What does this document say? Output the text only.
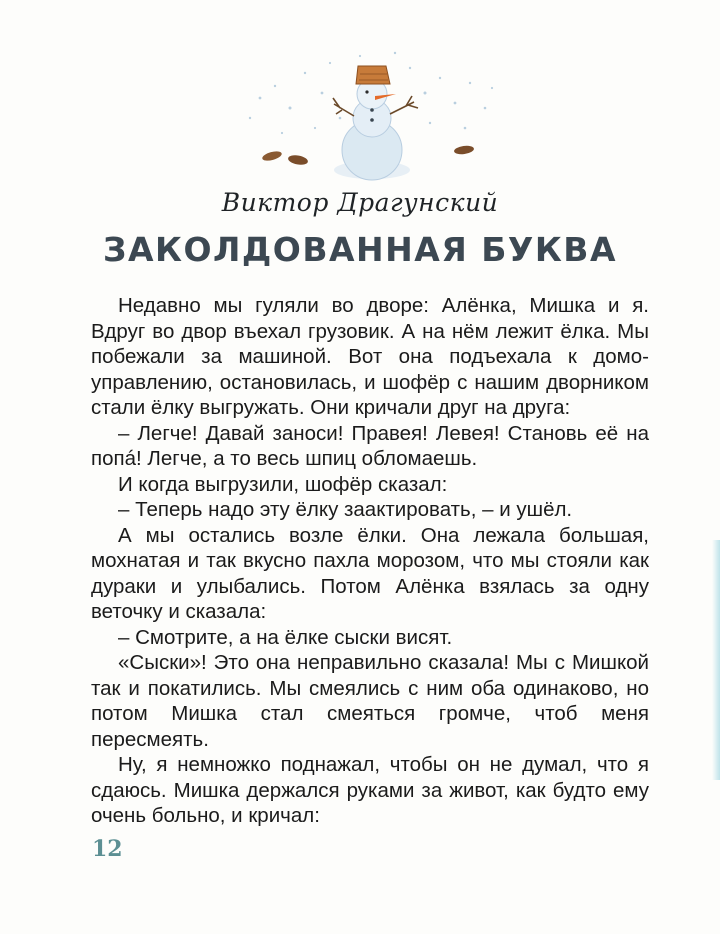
Виктор Драгунский
ЗАКОЛДОВАННАЯ БУКВА

Недавно мы гуляли во дворе: Алёнка, Мишка и я. Вдруг во двор въехал грузовик. А на нём лежит ёлка. Мы побежали за машиной. Вот она подъехала к домоуправлению, остановилась, и шофёр с нашим дворником стали ёлку выгружать. Они кричали друг на друга:

– Легче! Давай заноси! Правея! Левея! Становь её на попá! Легче, а то весь шпиц обломаешь.

И когда выгрузили, шофёр сказал:

– Теперь надо эту ёлку заактировать, – и ушёл.

А мы остались возле ёлки. Она лежала большая, мохнатая и так вкусно пахла морозом, что мы стояли как дураки и улыбались. Потом Алёнка взялась за одну веточку и сказала:

– Смотрите, а на ёлке сыски висят.

«Сыски»! Это она неправильно сказала! Мы с Мишкой так и покатились. Мы смеялись с ним оба одинаково, но потом Мишка стал смеяться громче, чтоб меня пересмеять.

Ну, я немножко поднажал, чтобы он не думал, что я сдаюсь. Мишка держался руками за живот, как будто ему очень больно, и кричал:

12
